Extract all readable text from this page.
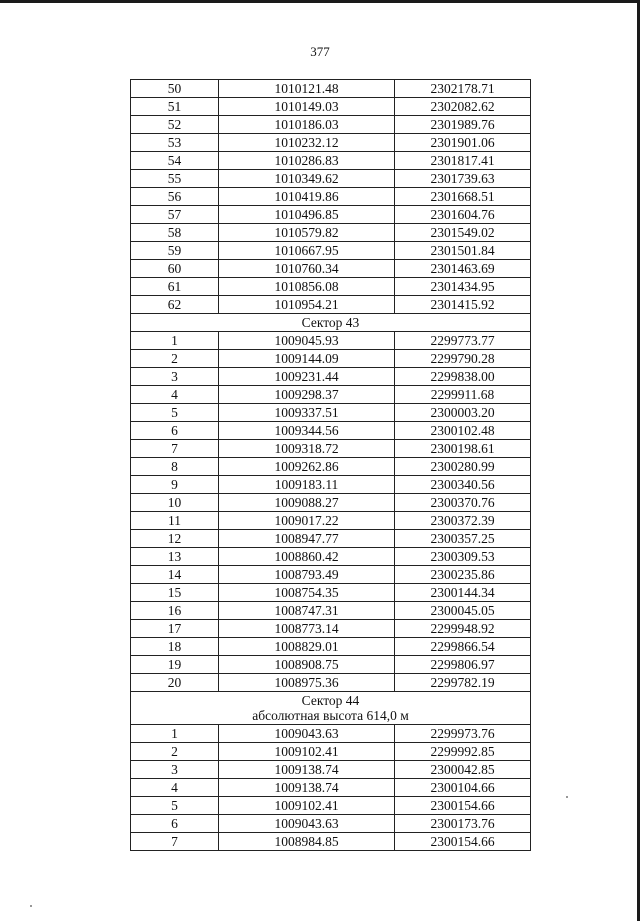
377
50	1010121.48	2302178.71
51	1010149.03	2302082.62
52	1010186.03	2301989.76
53	1010232.12	2301901.06
54	1010286.83	2301817.41
55	1010349.62	2301739.63
56	1010419.86	2301668.51
57	1010496.85	2301604.76
58	1010579.82	2301549.02
59	1010667.95	2301501.84
60	1010760.34	2301463.69
61	1010856.08	2301434.95
62	1010954.21	2301415.92

Сектор 43		

1	1009045.93	2299773.77
2	1009144.09	2299790.28
3	1009231.44	2299838.00
4	1009298.37	2299911.68
5	1009337.51	2300003.20
6	1009344.56	2300102.48
7	1009318.72	2300198.61
8	1009262.86	2300280.99
9	1009183.11	2300340.56
10	1009088.27	2300370.76
11	1009017.22	2300372.39
12	1008947.77	2300357.25
13	1008860.42	2300309.53
14	1008793.49	2300235.86
15	1008754.35	2300144.34
16	1008747.31	2300045.05
17	1008773.14	2299948.92
18	1008829.01	2299866.54
19	1008908.75	2299806.97
20	1008975.36	2299782.19

Сектор 44
абсолютная высота 614,0 м		

1	1009043.63	2299973.76
2	1009102.41	2299992.85
3	1009138.74	2300042.85
4	1009138.74	2300104.66
5	1009102.41	2300154.66
6	1009043.63	2300173.76
7	1008984.85	2300154.66
